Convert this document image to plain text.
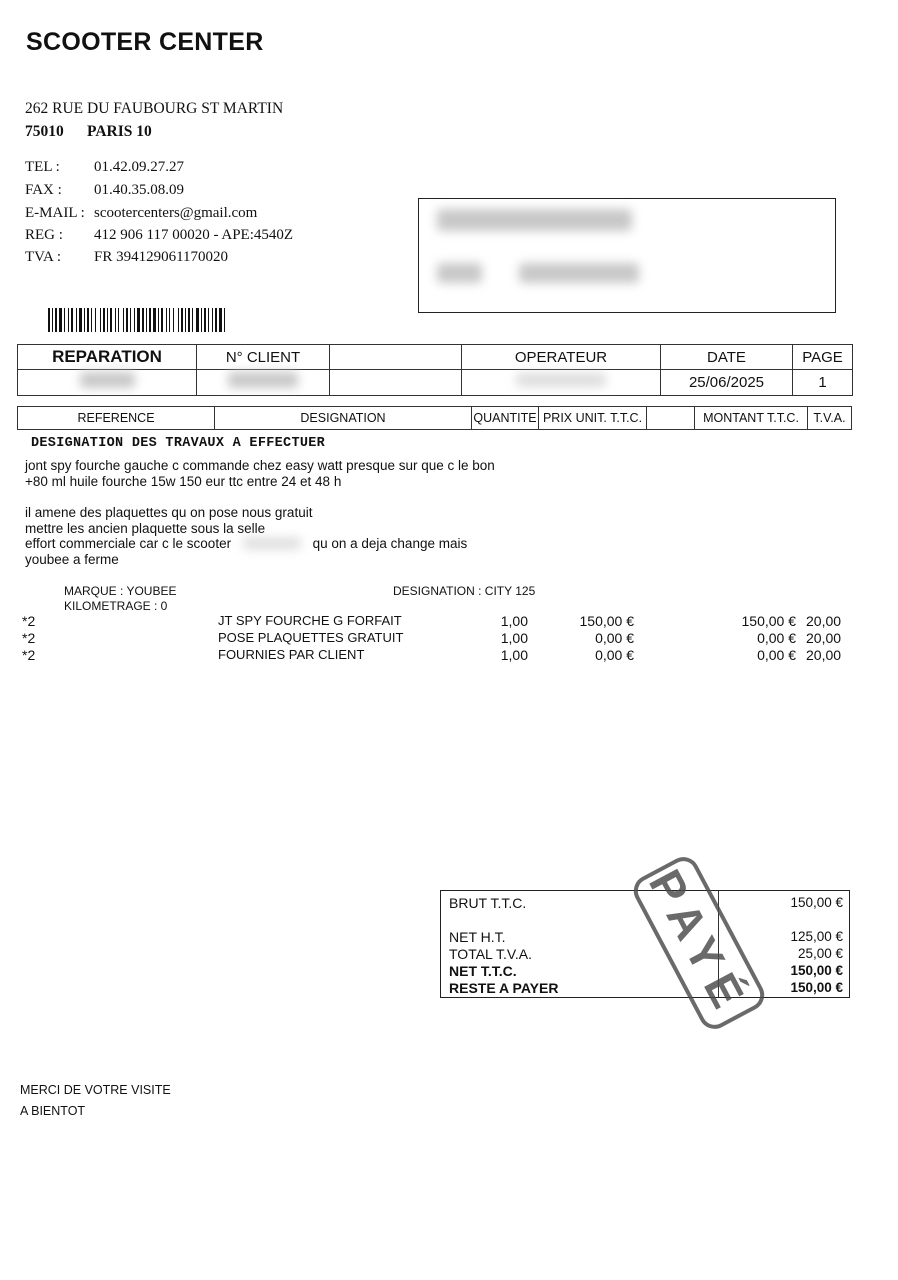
SCOOTER CENTER
262 RUE DU FAUBOURG ST MARTIN
75010 PARIS 10
TEL : 01.42.09.27.27
FAX : 01.40.35.08.09
E-MAIL : scootercenters@gmail.com
REG : 412 906 117 00020 - APE:4540Z
TVA : FR 394129061170020
REPARATION	N° CLIENT		OPERATEUR	DATE	PAGE
				25/06/2025	1
REFERENCE	DESIGNATION	QUANTITE	PRIX UNIT. T.T.C.		MONTANT T.T.C.	T.V.A.
DESIGNATION DES TRAVAUX A EFFECTUER
jont spy fourche gauche c commande chez easy watt presque sur que c le bon
+80 ml huile fourche 15w 150 eur ttc entre 24 et 48 h
il amene des plaquettes qu on pose nous gratuit
mettre les ancien plaquette sous la selle
effort commerciale car c le scooter	qu on a deja change mais
youbee a ferme
MARQUE : YOUBEE
KILOMETRAGE : 0
DESIGNATION : CITY 125
*2	JT SPY FOURCHE G FORFAIT	1,00	150,00 €	150,00 € 20,00
*2	POSE PLAQUETTES GRATUIT	1,00	0,00 €	0,00 € 20,00
*2	FOURNIES PAR CLIENT	1,00	0,00 €	0,00 € 20,00
BRUT T.T.C.	150,00 €
NET H.T.	125,00 €
TOTAL T.V.A.	25,00 €
NET T.T.C.	150,00 €
RESTE A PAYER	150,00 €
PAYÉ
MERCI DE VOTRE VISITE
A BIENTOT
